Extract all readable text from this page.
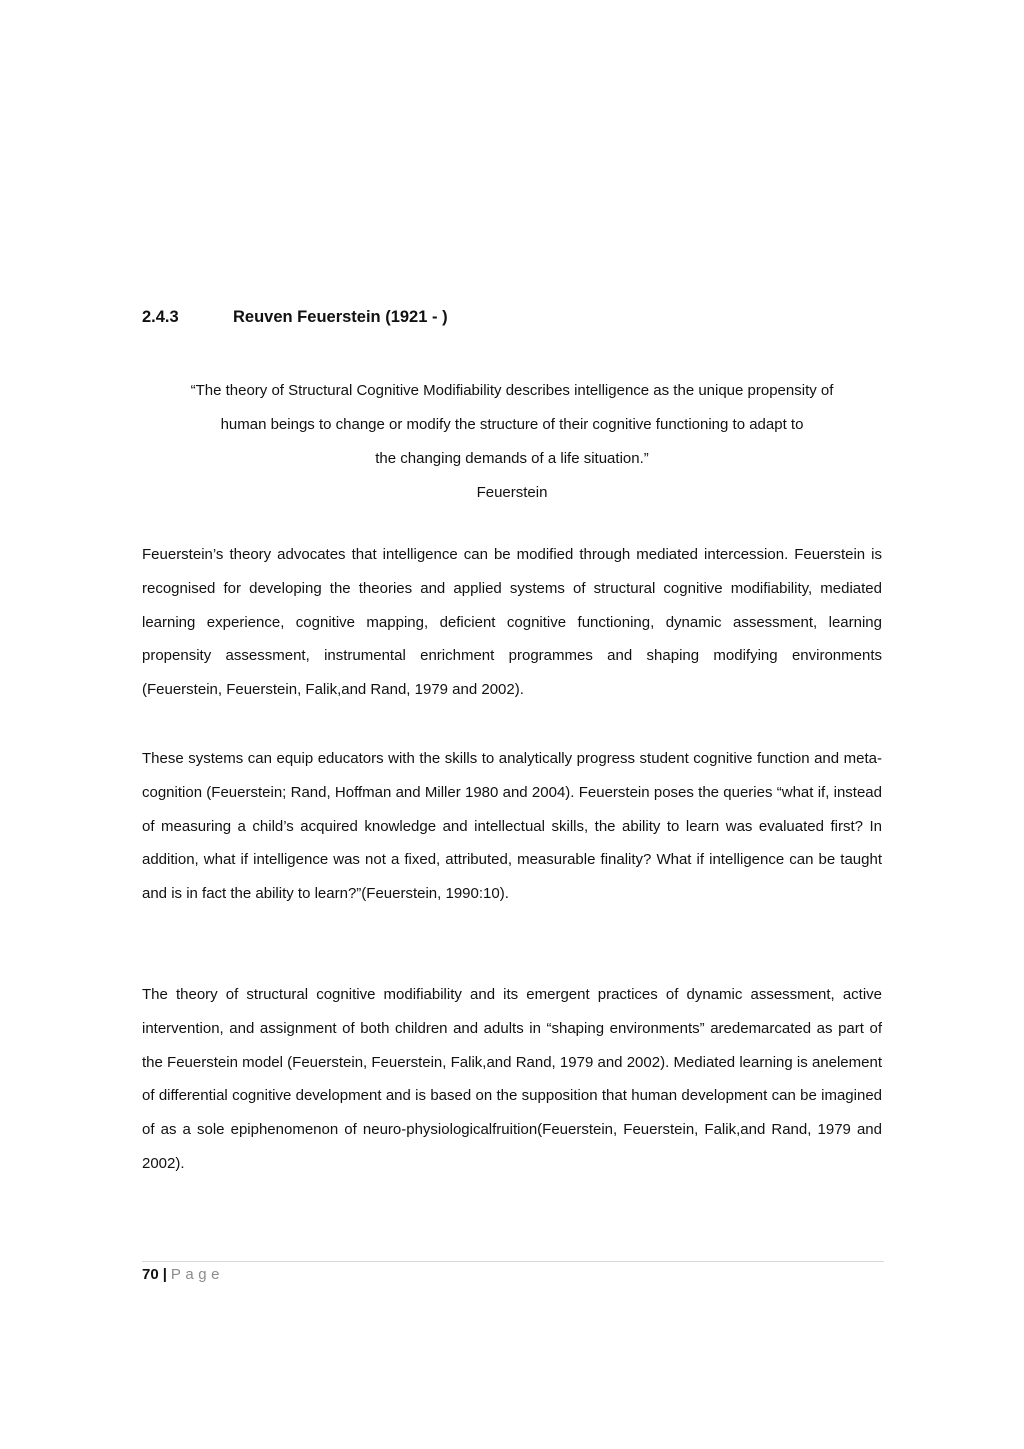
2.4.3	Reuven Feuerstein (1921 - )

“The theory of Structural Cognitive Modifiability describes intelligence as the unique propensity of

human beings to change or modify the structure of their cognitive functioning to adapt to

the changing demands of a life situation.”

Feuerstein

Feuerstein’s theory advocates that intelligence can be modified through mediated intercession. Feuerstein is recognised for developing the theories and applied systems of structural cognitive modifiability, mediated learning experience, cognitive mapping, deficient cognitive functioning, dynamic assessment, learning propensity assessment, instrumental enrichment programmes and shaping modifying environments (Feuerstein, Feuerstein, Falik,and Rand, 1979 and 2002).

These systems can equip educators with the skills to analytically progress student cognitive function and meta-cognition (Feuerstein; Rand, Hoffman and Miller 1980 and 2004). Feuerstein poses the queries “what if, instead of measuring a child’s acquired knowledge and intellectual skills, the ability to learn was evaluated first? In addition, what if intelligence was not a fixed, attributed, measurable finality? What if intelligence can be taught and is in fact the ability to learn?”(Feuerstein, 1990:10).

The theory of structural cognitive modifiability and its emergent practices of dynamic assessment, active intervention, and assignment of both children and adults in “shaping environments” aredemarcated as part of the Feuerstein model (Feuerstein, Feuerstein, Falik,and Rand, 1979 and 2002). Mediated learning is anelement of differential cognitive development and is based on the supposition that human development can be imagined of as a sole epiphenomenon of neuro-physiologicalfruition(Feuerstein, Feuerstein, Falik,and Rand, 1979 and 2002).

70 | Page
